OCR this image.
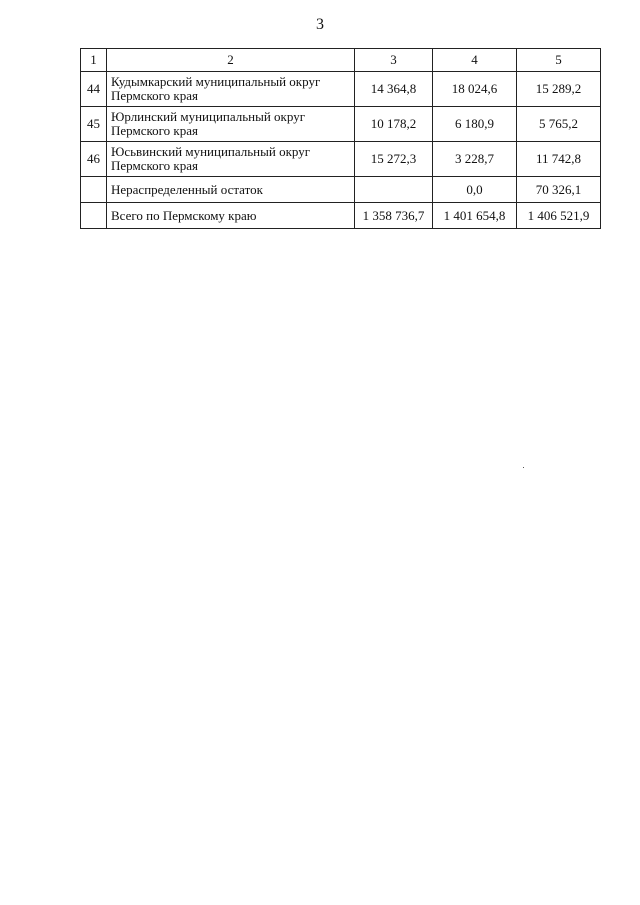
3
1	2	3	4	5
44	Кудымкарский муниципальный округ
Пермского края	14 364,8	18 024,6	15 289,2
45	Юрлинский муниципальный округ
Пермского края	10 178,2	6 180,9	5 765,2
46	Юсьвинский муниципальный округ
Пермского края	15 272,3	3 228,7	11 742,8
	Нераспределенный остаток		0,0	70 326,1
	Всего по Пермскому краю	1 358 736,7	1 401 654,8	1 406 521,9
